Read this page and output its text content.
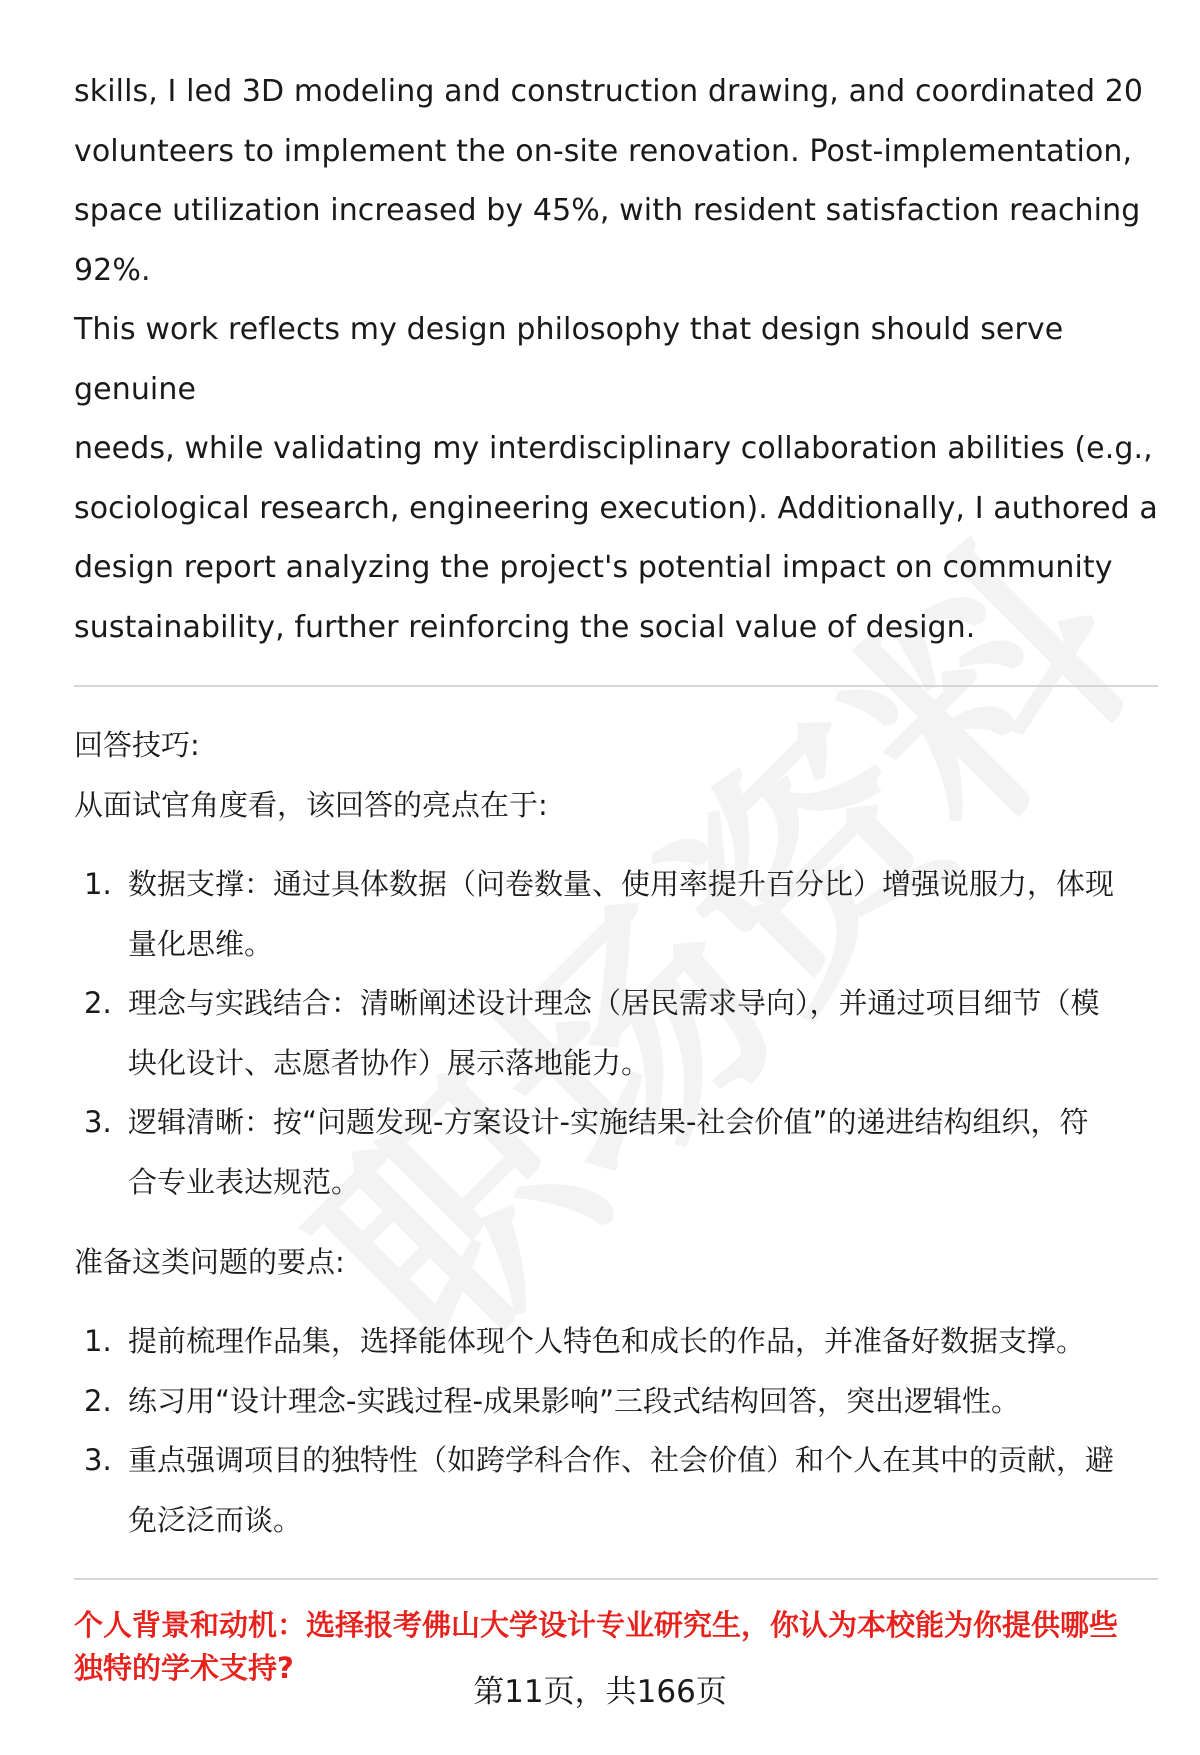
skills, I led 3D modeling and construction drawing, and coordinated 20
volunteers to implement the on-site renovation. Post-implementation,
space utilization increased by 45%, with resident satisfaction reaching 92%.
This work reflects my design philosophy that design should serve genuine
needs, while validating my interdisciplinary collaboration abilities (e.g.,
sociological research, engineering execution). Additionally, I authored a
design report analyzing the project's potential impact on community
sustainability, further reinforcing the social value of design.

回答技巧:

从面试官角度看，该回答的亮点在于:

1. 数据支撑：通过具体数据（问卷数量、使用率提升百分比）增强说服力，体现
量化思维。
2. 理念与实践结合：清晰阐述设计理念（居民需求导向），并通过项目细节（模
块化设计、志愿者协作）展示落地能力。
3. 逻辑清晰：按“问题发现-方案设计-实施结果-社会价值”的递进结构组织，符
合专业表达规范。

准备这类问题的要点:

1. 提前梳理作品集，选择能体现个人特色和成长的作品，并准备好数据支撑。
2. 练习用“设计理念-实践过程-成果影响”三段式结构回答，突出逻辑性。
3. 重点强调项目的独特性（如跨学科合作、社会价值）和个人在其中的贡献，避
免泛泛而谈。

个人背景和动机：选择报考佛山大学设计专业研究生，你认为本校能为你提供哪些
独特的学术支持?

第11页，共166页
